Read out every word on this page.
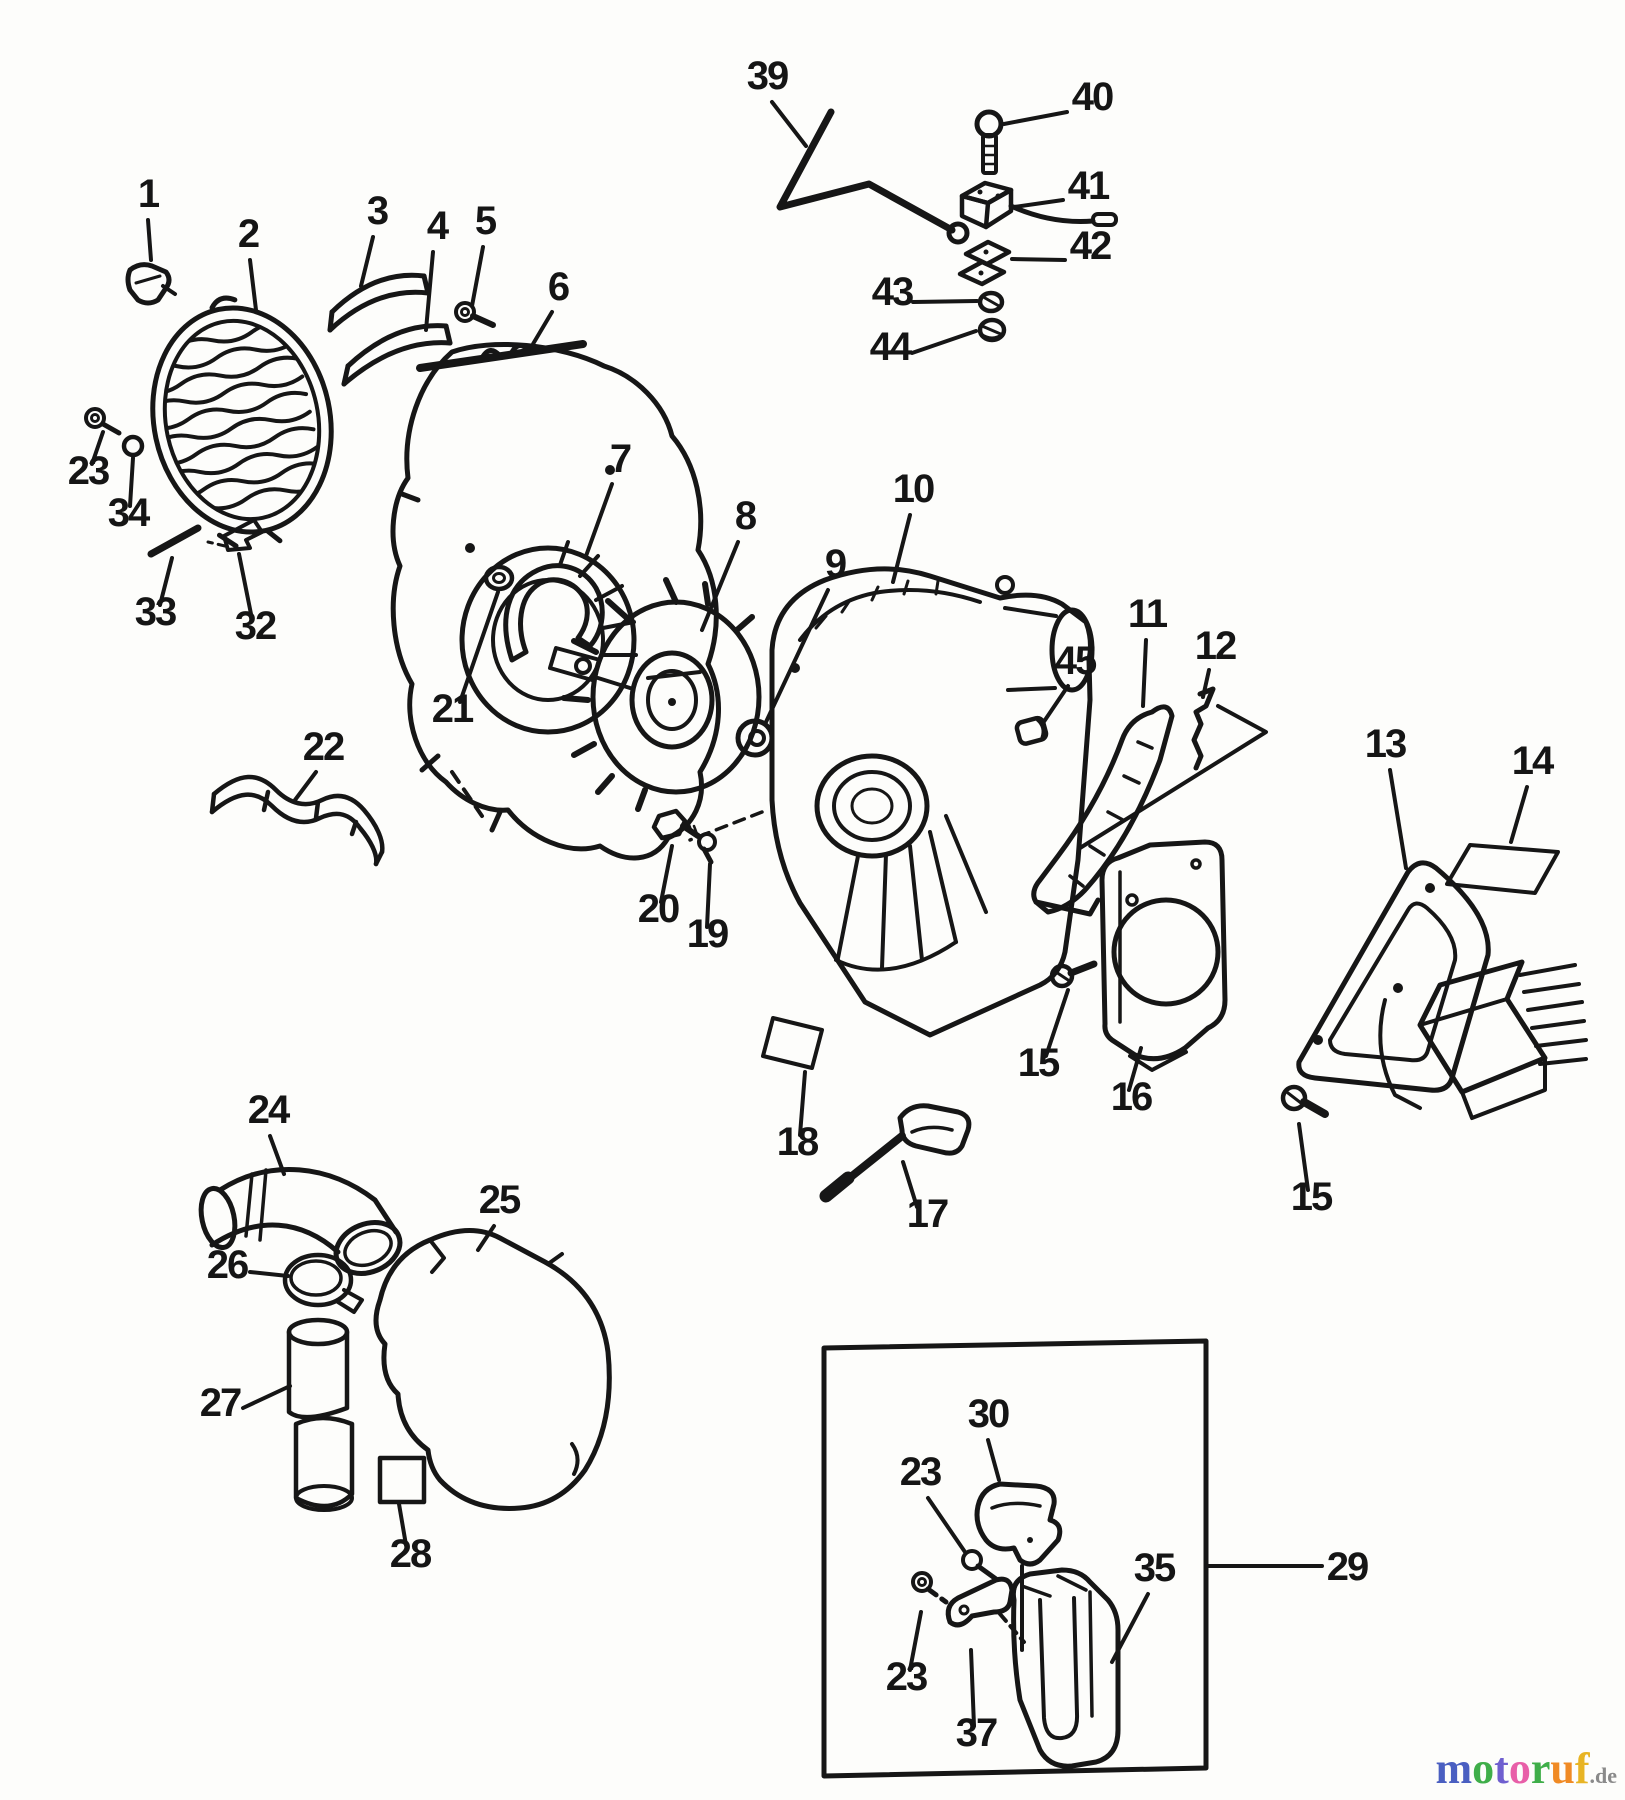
1
2
3 4 5
6
7
8
9
10
11
12
13	14
45
15
16
15
17
18
19
20
21
22
23
34
33 32
24
25
26
27
28
39	40
41
42
43
44
29
30
23
35
23
37
motoruf.de
